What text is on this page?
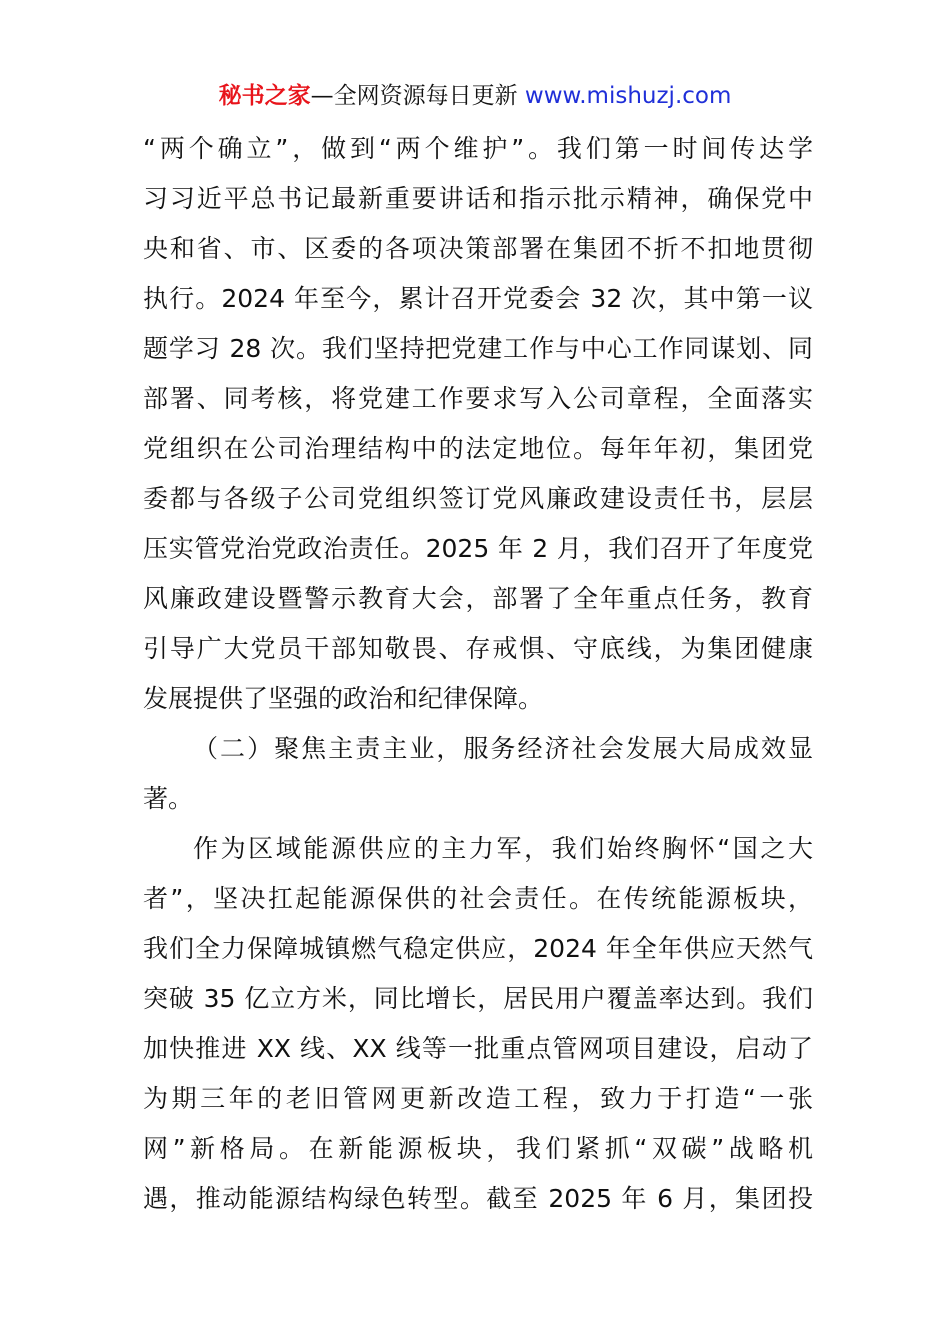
秘书之家—全网资源每日更新 www.mishuzj.com
“两个确立”，做到“两个维护”。我们第一时间传达学
习习近平总书记最新重要讲话和指示批示精神，确保党中
央和省、市、区委的各项决策部署在集团不折不扣地贯彻
执行。2024 年至今，累计召开党委会 32 次，其中第一议
题学习 28 次。我们坚持把党建工作与中心工作同谋划、同
部署、同考核，将党建工作要求写入公司章程，全面落实
党组织在公司治理结构中的法定地位。每年年初，集团党
委都与各级子公司党组织签订党风廉政建设责任书，层层
压实管党治党政治责任。2025 年 2 月，我们召开了年度党
风廉政建设暨警示教育大会，部署了全年重点任务，教育
引导广大党员干部知敬畏、存戒惧、守底线，为集团健康
发展提供了坚强的政治和纪律保障。
（二）聚焦主责主业，服务经济社会发展大局成效显
著。
作为区域能源供应的主力军，我们始终胸怀“国之大
者”，坚决扛起能源保供的社会责任。在传统能源板块，
我们全力保障城镇燃气稳定供应，2024 年全年供应天然气
突破 35 亿立方米，同比增长，居民用户覆盖率达到。我们
加快推进 XX 线、XX 线等一批重点管网项目建设，启动了
为期三年的老旧管网更新改造工程，致力于打造“一张
网”新格局。在新能源板块，我们紧抓“双碳”战略机
遇，推动能源结构绿色转型。截至 2025 年 6 月，集团投
